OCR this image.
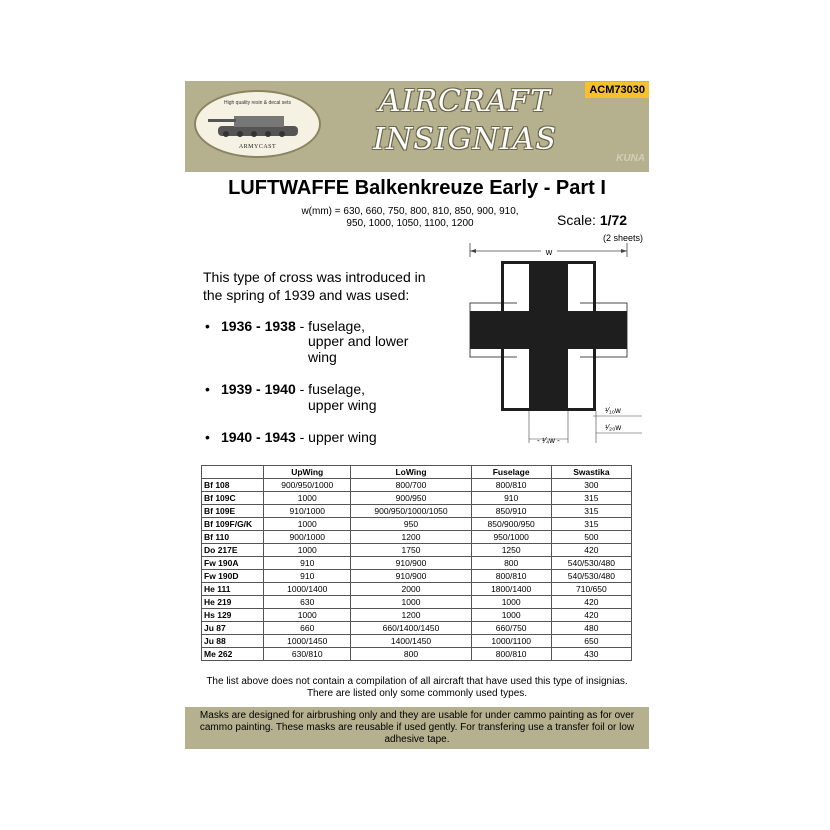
High quality resin & decal sets
ARMYCAST
AIRCRAFT
INSIGNIAS
ACM73030
KUNA
LUFTWAFFE Balkenkreuze Early - Part I
w(mm) = 630, 660, 750, 800, 810, 850, 900, 910,
950, 1000, 1050, 1100, 1200	Scale: 1/72
(2 sheets)
This type of cross was introduced in the spring of 1939 and was used:
• 1936 - 1938 - fuselage,
upper and lower
wing
• 1939 - 1940 - fuselage,
upper wing
• 1940 - 1943 - upper wing
w
- ¹⁄₄w -
¹⁄₁₀w
¹⁄₂₀w
	UpWing	LoWing	Fuselage	Swastika
Bf 108	900/950/1000	800/700	800/810	300
Bf 109C	1000	900/950	910	315
Bf 109E	910/1000	900/950/1000/1050	850/910	315
Bf 109F/G/K	1000	950	850/900/950	315
Bf 110	900/1000	1200	950/1000	500
Do 217E	1000	1750	1250	420
Fw 190A	910	910/900	800	540/530/480
Fw 190D	910	910/900	800/810	540/530/480
He 111	1000/1400	2000	1800/1400	710/650
He 219	630	1000	1000	420
Hs 129	1000	1200	1000	420
Ju 87	660	660/1400/1450	660/750	480
Ju 88	1000/1450	1400/1450	1000/1100	650
Me 262	630/810	800	800/810	430
The list above does not contain a compilation of all aircraft that have used this type of insignias.
There are listed only some commonly used types.
Masks are designed for airbrushing only and they are usable for under cammo painting as for over cammo painting. These masks are reusable if used gently. For transfering use a transfer foil or low adhesive tape.
